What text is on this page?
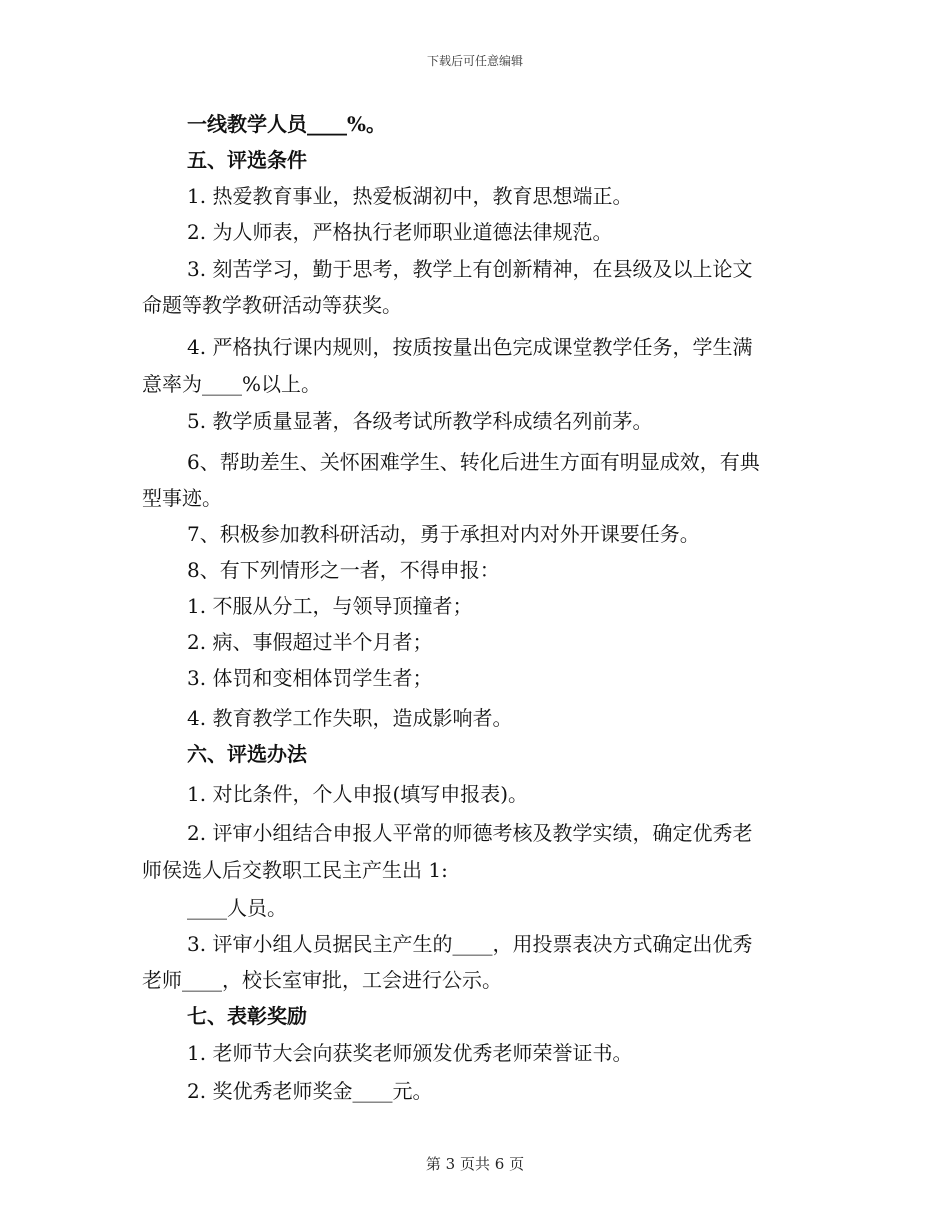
下载后可任意编辑
一线教学人员____%。
五、评选条件
1. 热爱教育事业，热爱板湖初中，教育思想端正。
2. 为人师表，严格执行老师职业道德法律规范。
3. 刻苦学习，勤于思考，教学上有创新精神，在县级及以上论文
命题等教学教研活动等获奖。
4. 严格执行课内规则，按质按量出色完成课堂教学任务，学生满
意率为____%以上。
5. 教学质量显著，各级考试所教学科成绩名列前茅。
6、帮助差生、关怀困难学生、转化后进生方面有明显成效，有典
型事迹。
7、积极参加教科研活动，勇于承担对内对外开课要任务。
8、有下列情形之一者，不得申报：
1. 不服从分工，与领导顶撞者；
2. 病、事假超过半个月者；
3. 体罚和变相体罚学生者；
4. 教育教学工作失职，造成影响者。
六、评选办法
1. 对比条件，个人申报(填写申报表)。
2. 评审小组结合申报人平常的师德考核及教学实绩，确定优秀老
师侯选人后交教职工民主产生出 1:
____人员。
3. 评审小组人员据民主产生的____，用投票表决方式确定出优秀
老师____，校长室审批，工会进行公示。
七、表彰奖励
1. 老师节大会向获奖老师颁发优秀老师荣誉证书。
2. 奖优秀老师奖金____元。
第 3 页共 6 页
